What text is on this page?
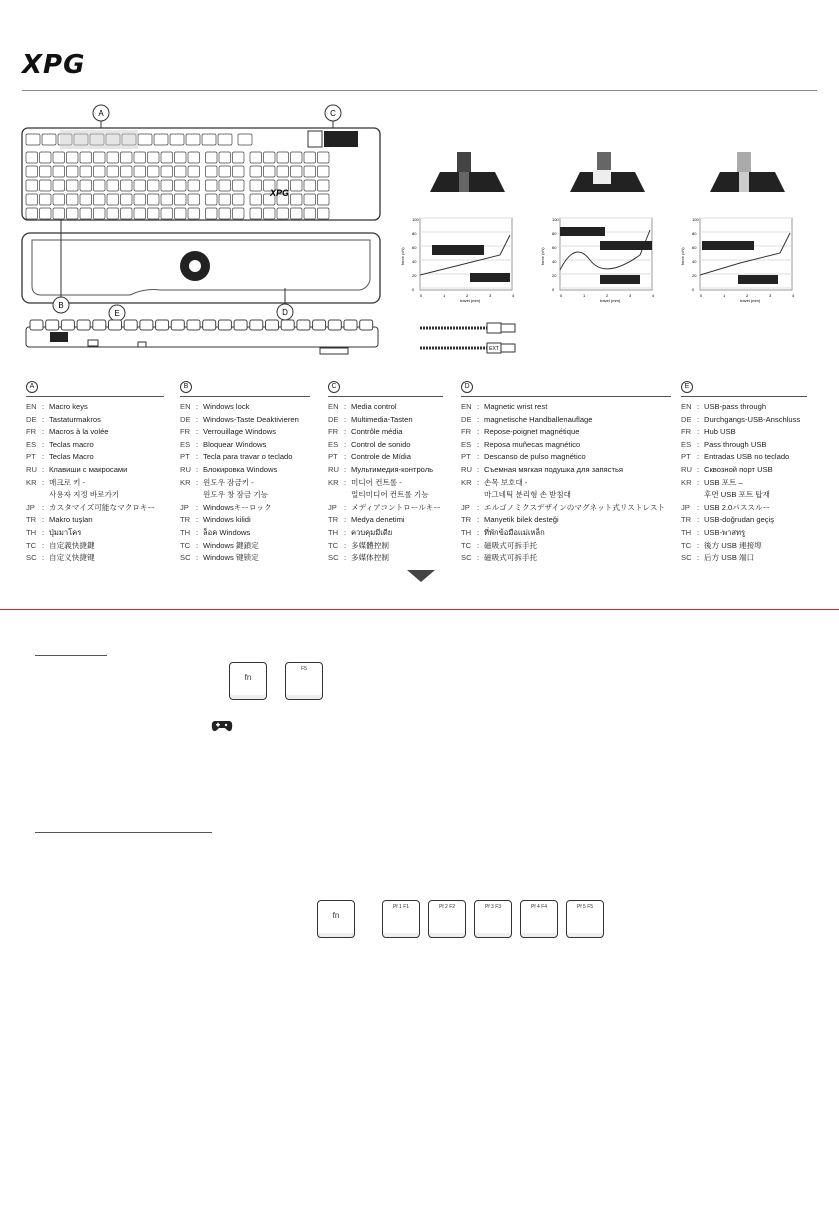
XPG
A	C
XPG
D
B
E
100
80
60
40
20
0
0	1	2	3	4
travel (mm)
force (cN)
100
80
60
40
20
0
0	1	2	3	4
travel (mm)
force (cN)
100
80
60
40
20
0
0	1	2	3	4
travel (mm)
force (cN)
EXT
A
EN : Macro keys
DE : Tastaturmakros
FR : Macros à la volée
ES : Teclas macro
PT : Teclas Macro
RU : Клавиши с макросами
KR : 매크로 키 -
사용자 지정 바로가기
JP : カスタマイズ可能なマクロキー
TR : Makro tuşları
TH : ปุ่มมาโคร
TC : 自定義快捷鍵
SC : 自定义快捷键
B
EN : Windows lock
DE : Windows-Taste Deaktivieren
FR : Verrouillage Windows
ES : Bloquear Windows
PT : Tecla para travar o teclado
RU : Блокировка Windows
KR : 윈도우 잠금키 -
윈도우 창 잠금 기능
JP : Windowsキーロック
TR : Windows kilidi
TH : ล็อค Windows
TC : Windows 鍵鎖定
SC : Windows 键锁定
C
EN : Media control
DE : Multimedia-Tasten
FR : Contrôle média
ES : Control de sonido
PT : Controle de Mídia
RU : Мультимедия-контроль
KR : 미디어 컨트롤 -
멀티미디어 컨트롤 기능
JP : メディアコントロールキー
TR : Medya denetimi
TH : ควบคุมมีเดีย
TC : 多媒體控制
SC : 多媒体控制
D
EN : Magnetic wrist rest
DE : magnetische Handballenauflage
FR : Repose-poignet magnétique
ES : Reposa muñecas magnético
PT : Descanso de pulso magnético
RU : Съемная мягкая подушка для запястья
KR : 손목 보호대 -
마그네틱 분리형 손 받침대
JP : エルゴノミクスデザインのマグネット式リストレスト
TR : Manyetik bilek desteği
TH : ที่พักข้อมือแม่เหล็ก
TC : 磁吸式可拆手托
SC : 磁吸式可拆手托
E
EN : USB-pass through
DE : Durchgangs-USB-Anschluss
FR : Hub USB
ES : Pass through USB
PT : Entradas USB no teclado
RU : Сквозной порт USB
KR : USB 포트 –
후면 USB 포트 탑재
JP : USB 2.0パススルー
TR : USB-doğrudan geçiş
TH : USB-พาสทรู
TC : 後方 USB 連接埠
SC : 后方 USB 端口
fn
F5
fn
Pf 1 F1	Pf 2 F2	Pf 3 F3	Pf 4 F4	Pf 5 F5
